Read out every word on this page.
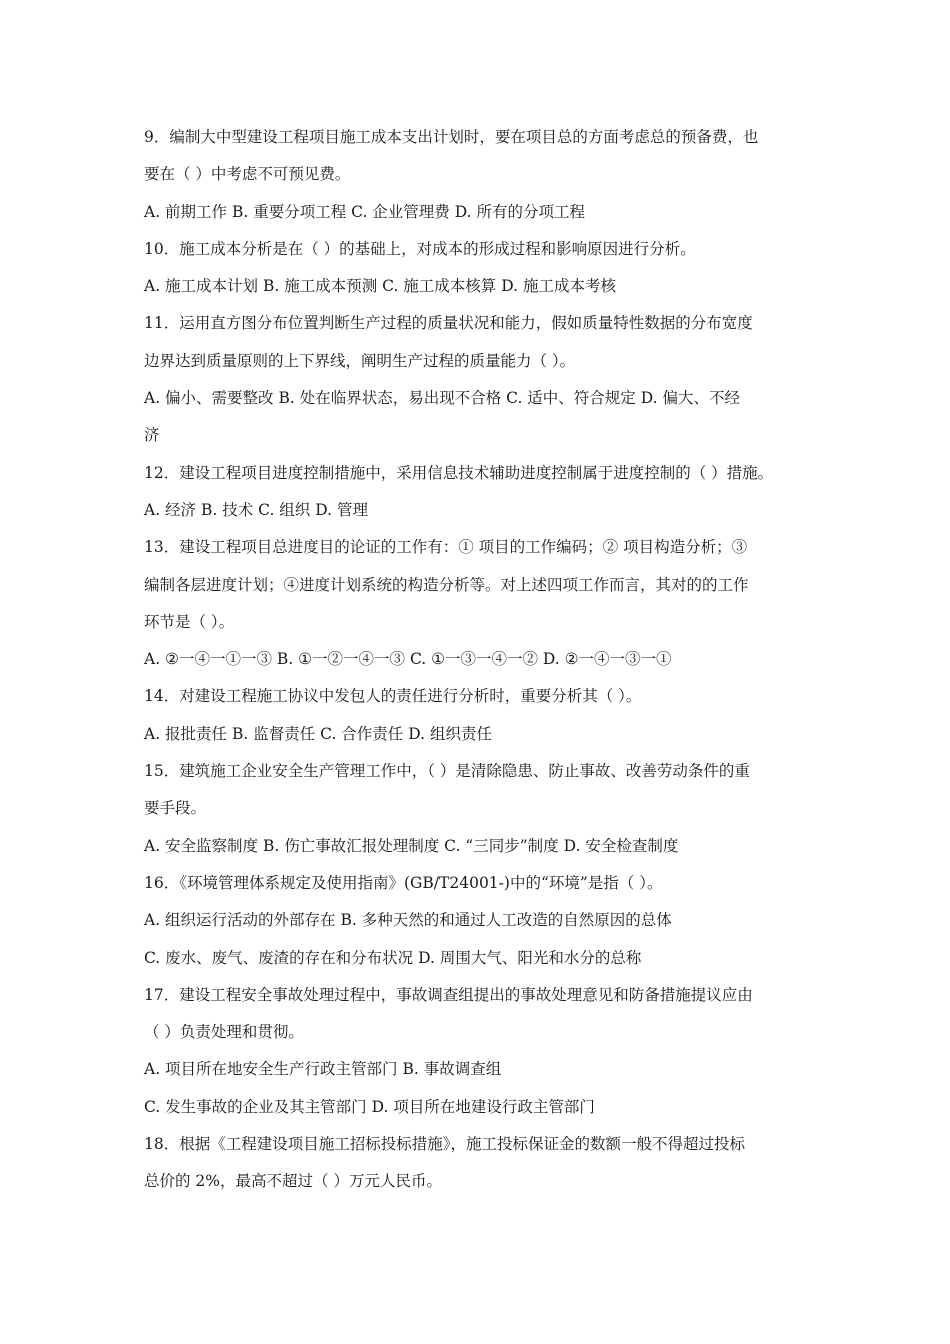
9．编制大中型建设工程项目施工成本支出计划时，要在项目总的方面考虑总的预备费，也
要在（ ）中考虑不可预见费。
A. 前期工作 B. 重要分项工程 C. 企业管理费 D. 所有的分项工程
10．施工成本分析是在（ ）的基础上，对成本的形成过程和影响原因进行分析。
A. 施工成本计划 B. 施工成本预测 C. 施工成本核算 D. 施工成本考核
11．运用直方图分布位置判断生产过程的质量状况和能力，假如质量特性数据的分布宽度
边界达到质量原则的上下界线，阐明生产过程的质量能力（ ）。
A. 偏小、需要整改 B. 处在临界状态，易出现不合格 C. 适中、符合规定 D. 偏大、不经
济
12．建设工程项目进度控制措施中，采用信息技术辅助进度控制属于进度控制的（ ）措施。
A. 经济 B. 技术 C. 组织 D. 管理
13．建设工程项目总进度目的论证的工作有：① 项目的工作编码；② 项目构造分析；③
编制各层进度计划；④进度计划系统的构造分析等。对上述四项工作而言，其对的的工作
环节是（ ）。
A. ②一④一①一③ B. ①一②一④一③ C. ①一③一④一② D. ②一④一③一①
14．对建设工程施工协议中发包人的责任进行分析时，重要分析其（ ）。
A. 报批责任 B. 监督责任 C. 合作责任 D. 组织责任
15．建筑施工企业安全生产管理工作中，（ ）是清除隐患、防止事故、改善劳动条件的重
要手段。
A. 安全监察制度 B. 伤亡事故汇报处理制度 C. “三同步”制度 D. 安全检查制度
16．《环境管理体系规定及使用指南》(GB/T24001-)中的“环境”是指（ ）。
A. 组织运行活动的外部存在 B. 多种天然的和通过人工改造的自然原因的总体
C. 废水、废气、废渣的存在和分布状况 D. 周围大气、阳光和水分的总称
17．建设工程安全事故处理过程中，事故调查组提出的事故处理意见和防备措施提议应由
（ ）负责处理和贯彻。
A. 项目所在地安全生产行政主管部门 B. 事故调查组
C. 发生事故的企业及其主管部门 D. 项目所在地建设行政主管部门
18．根据《工程建设项目施工招标投标措施》，施工投标保证金的数额一般不得超过投标
总价的 2%，最高不超过（ ）万元人民币。
